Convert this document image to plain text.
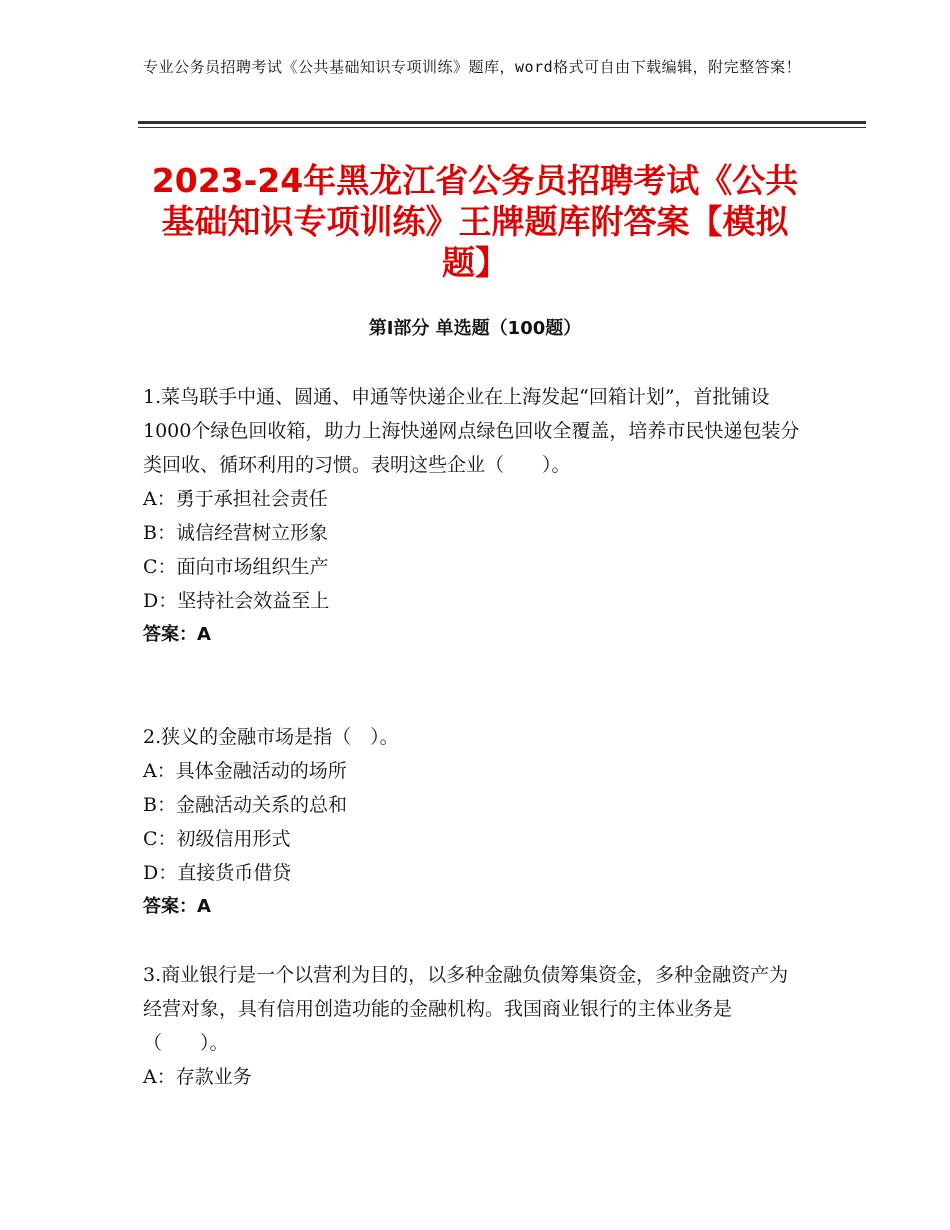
专业公务员招聘考试《公共基础知识专项训练》题库，word格式可自由下载编辑，附完整答案！
2023-24年黑龙江省公务员招聘考试《公共基础知识专项训练》王牌题库附答案【模拟题】
第Ⅰ部分 单选题（100题）

1.菜鸟联手中通、圆通、申通等快递企业在上海发起“回箱计划”，首批铺设1000个绿色回收箱，助力上海快递网点绿色回收全覆盖，培养市民快递包装分类回收、循环利用的习惯。表明这些企业（　　）。

A：勇于承担社会责任

B：诚信经营树立形象

C：面向市场组织生产

D：坚持社会效益至上

答案：A

2.狭义的金融市场是指（　）。

A：具体金融活动的场所

B：金融活动关系的总和

C：初级信用形式

D：直接货币借贷

答案：A

3.商业银行是一个以营利为目的，以多种金融负债筹集资金，多种金融资产为经营对象，具有信用创造功能的金融机构。我国商业银行的主体业务是（　　）。

A：存款业务
